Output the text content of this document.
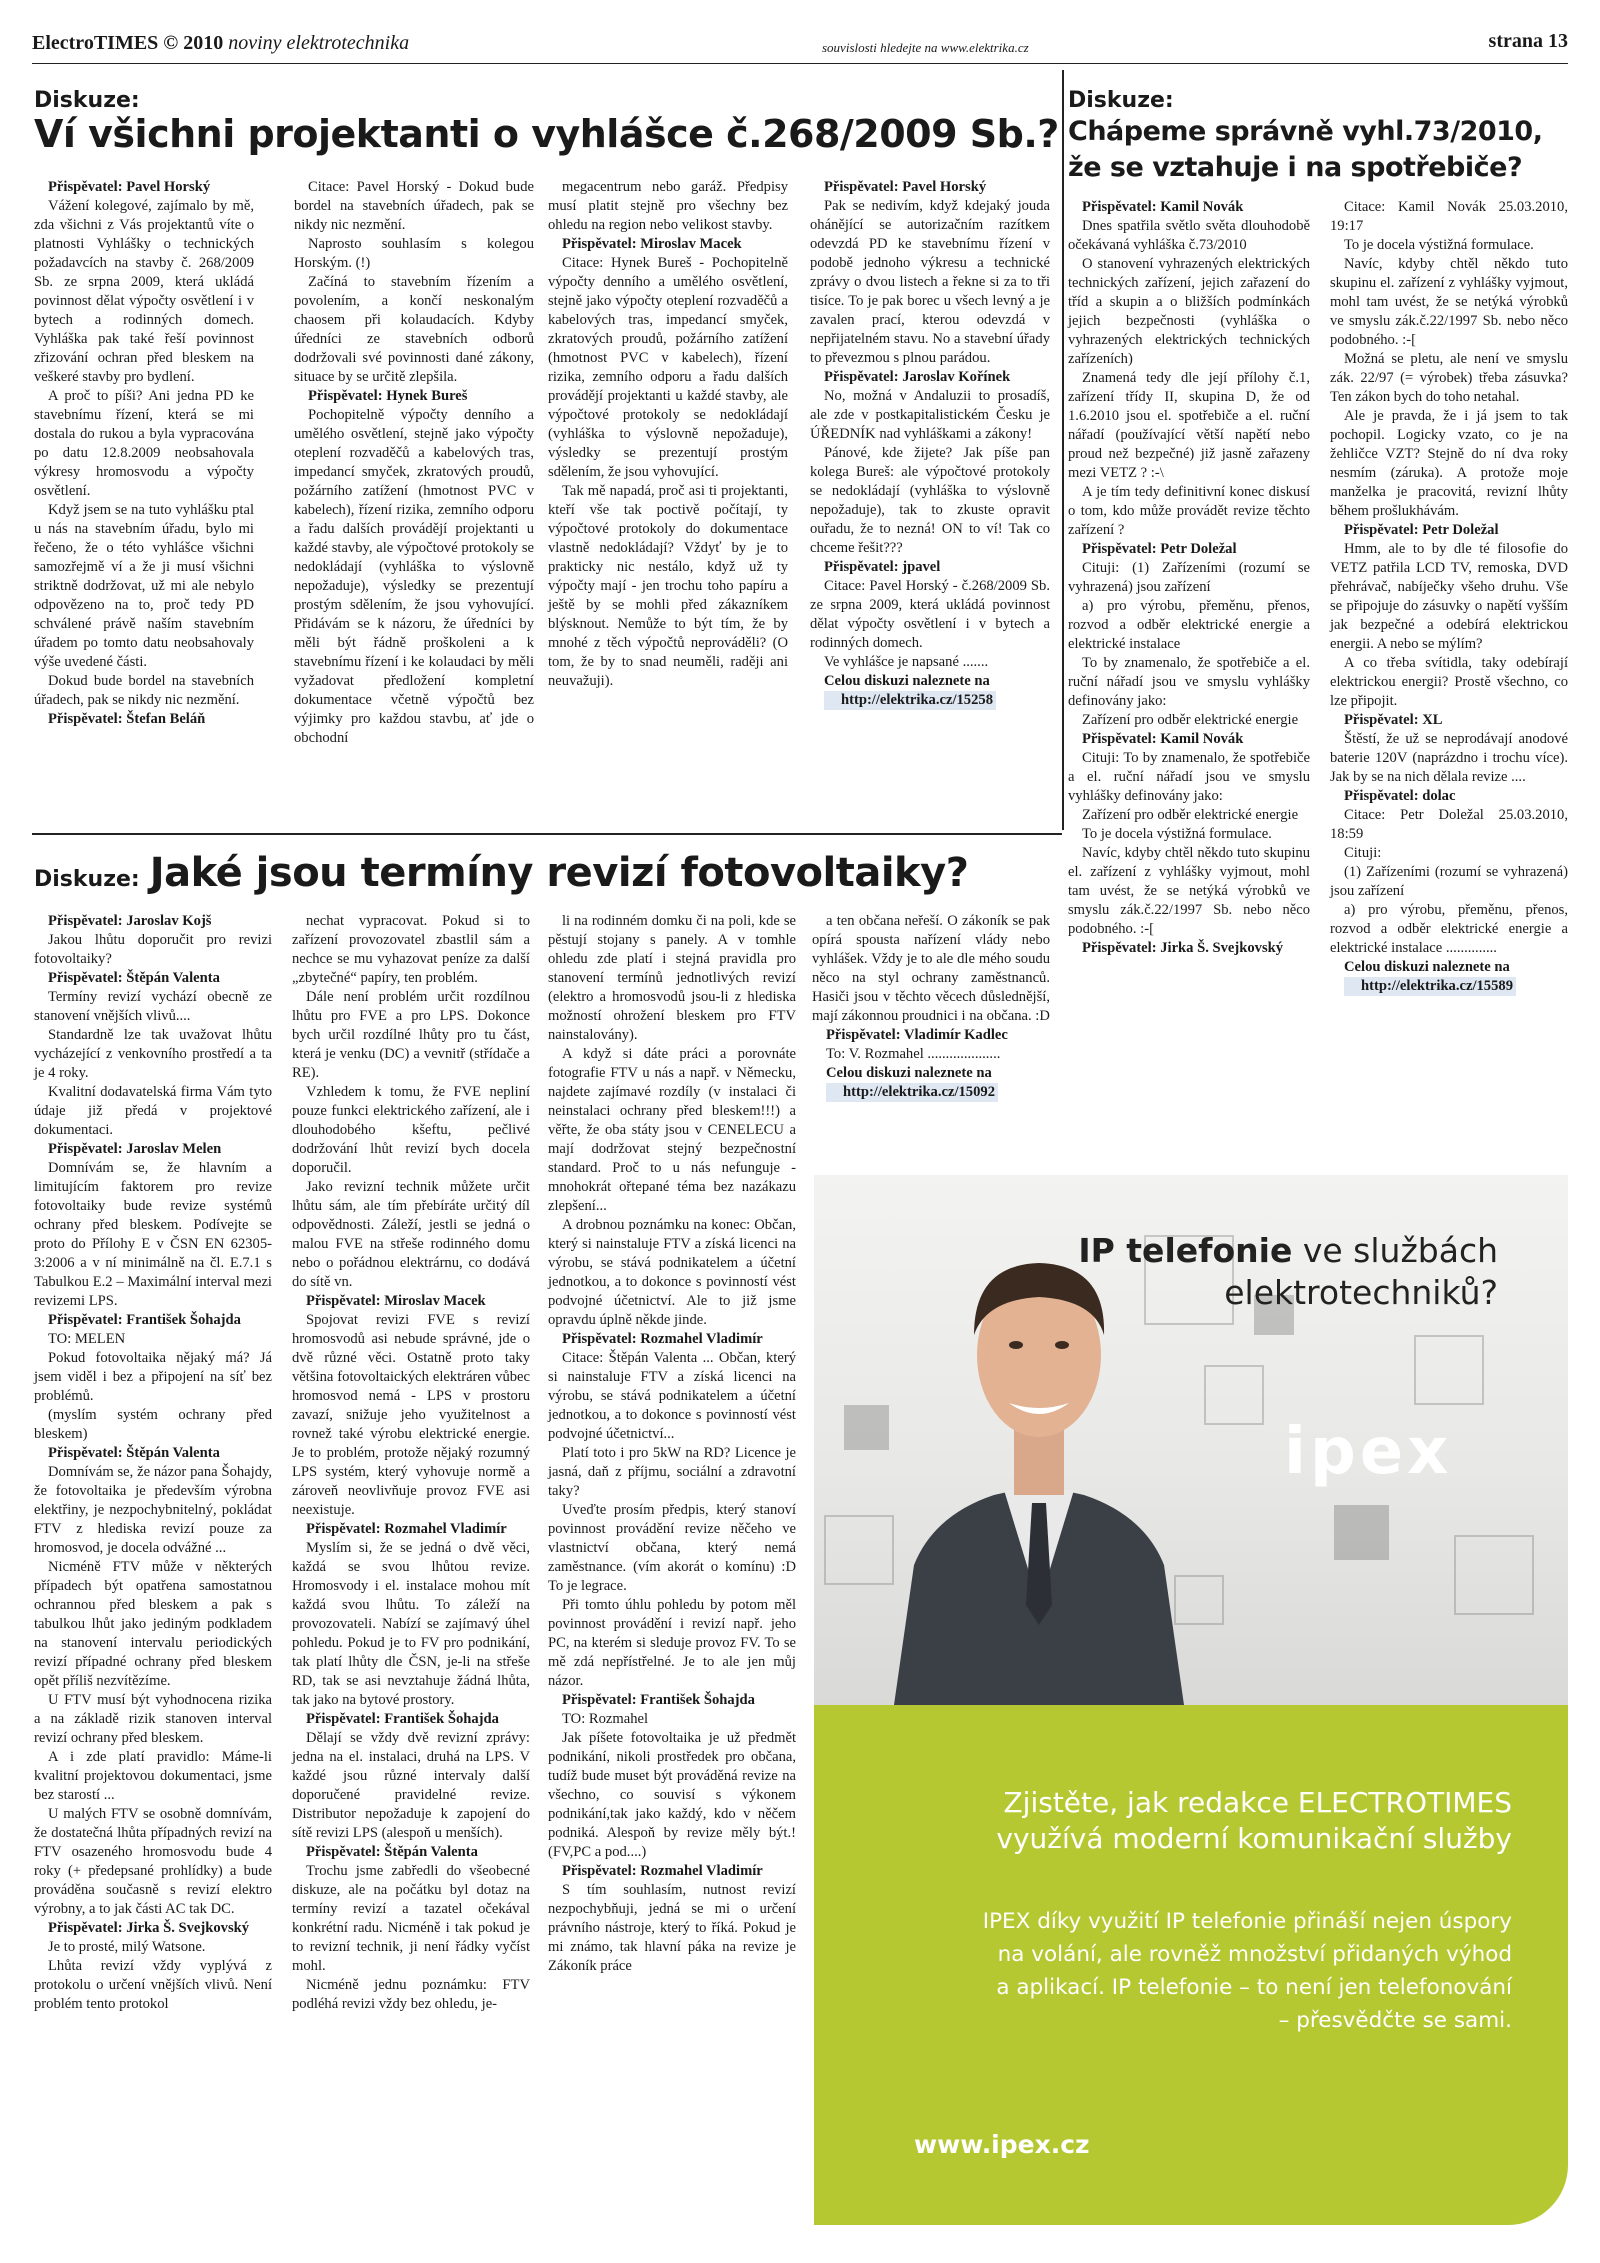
ElectroTIMES © 2010 noviny elektrotechnika	souvislosti hledejte na www.elektrika.cz	strana 13
Diskuze:
Ví všichni projektanti o vyhlášce č.268/2009 Sb.?

Přispěvatel: Pavel Horský

Vážení kolegové, zajímalo by mě, zda všichni z Vás projektantů víte o platnosti Vyhlášky o technických požadavcích na stavby č. 268/2009 Sb. ze srpna 2009, která ukládá povinnost dělat výpočty osvětlení i v bytech a rodinných domech. Vyhláška pak také řeší povinnost zřizování ochran před bleskem na veškeré stavby pro bydlení.

A proč to píši? Ani jedna PD ke stavebnímu řízení, která se mi dostala do rukou a byla vypracována po datu 12.8.2009 neobsahovala výkresy hromosvodu a výpočty osvětlení.

Když jsem se na tuto vyhlášku ptal u nás na stavebním úřadu, bylo mi řečeno, že o této vyhlášce všichni samozřejmě ví a že ji musí všichni striktně dodržovat, už mi ale nebylo odpovězeno na to, proč tedy PD schválené právě naším stavebním úřadem po tomto datu neobsahovaly výše uvedené části.

Dokud bude bordel na stavebních úřadech, pak se nikdy nic nezmění.

Přispěvatel: Štefan Beláň

Citace: Pavel Horský - Dokud bude bordel na stavebních úřadech, pak se nikdy nic nezmění.

Naprosto souhlasím s kolegou Horským. (!)

Začíná to stavebním řízením a povolením, a končí neskonalým chaosem při kolaudacích. Kdyby úředníci ze stavebních odborů dodržovali své povinnosti dané zákony, situace by se určitě zlepšila.

Přispěvatel: Hynek Bureš

Pochopitelně výpočty denního a umělého osvětlení, stejně jako výpočty oteplení rozvaděčů a kabelových tras, impedancí smyček, zkratových proudů, požárního zatížení (hmotnost PVC v kabelech), řízení rizika, zemního odporu a řadu dalších provádějí projektanti u každé stavby, ale výpočtové protokoly se nedokládají (vyhláška to výslovně nepožaduje), výsledky se prezentují prostým sdělením, že jsou vyhovující. Přidávám se k názoru, že úředníci by měli být řádně proškoleni a k stavebnímu řízení i ke kolaudaci by měli vyžadovat předložení kompletní dokumentace včetně výpočtů bez výjimky pro každou stavbu, ať jde o obchodní

megacentrum nebo garáž. Předpisy musí platit stejně pro všechny bez ohledu na region nebo velikost stavby.

Přispěvatel: Miroslav Macek

Citace: Hynek Bureš - Pochopitelně výpočty denního a umělého osvětlení, stejně jako výpočty oteplení rozvaděčů a kabelových tras, impedancí smyček, zkratových proudů, požárního zatížení (hmotnost PVC v kabelech), řízení rizika, zemního odporu a řadu dalších provádějí projektanti u každé stavby, ale výpočtové protokoly se nedokládají (vyhláška to výslovně nepožaduje), výsledky se prezentují prostým sdělením, že jsou vyhovující.

Tak mě napadá, proč asi ti projektanti, kteří vše tak poctivě počítají, ty výpočtové protokoly do dokumentace vlastně nedokládají? Vždyť by je to prakticky nic nestálo, když už ty výpočty mají - jen trochu toho papíru a ještě by se mohli před zákazníkem blýsknout. Nemůže to být tím, že by mnohé z těch výpočtů neprováděli? (O tom, že by to snad neuměli, raději ani neuvažuji).

Přispěvatel: Pavel Horský

Pak se nedivím, když kdejaký jouda ohánějící se autorizačním razítkem odevzdá PD ke stavebnímu řízení v podobě jednoho výkresu a technické zprávy o dvou listech a řekne si za to tři tisíce. To je pak borec u všech levný a je zavalen prací, kterou odevzdá v nepřijatelném stavu. No a stavební úřady to převezmou s plnou parádou.

Přispěvatel: Jaroslav Kořínek

No, možná v Andaluzii to prosadíš, ale zde v postkapitalistickém Česku je ÚŘEDNÍK nad vyhláškami a zákony!

Pánové, kde žijete? Jak píše pan kolega Bureš: ale výpočtové protokoly se nedokládají (vyhláška to výslovně nepožaduje), tak to zkuste opravit ouřadu, že to nezná! ON to ví! Tak co chceme řešit???

Přispěvatel: jpavel

Citace: Pavel Horský - č.268/2009 Sb. ze srpna 2009, která ukládá povinnost dělat výpočty osvětlení i v bytech a rodinných domech.

Ve vyhlášce je napsané .......

Celou diskuzi naleznete na

http://elektrika.cz/15258

Diskuze:
Chápeme správně vyhl.73/2010, že se vztahuje i na spotřebiče?

Přispěvatel: Kamil Novák

Dnes spatřila světlo světa dlouhodobě očekávaná vyhláška č.73/2010

O stanovení vyhrazených elektrických technických zařízení, jejich zařazení do tříd a skupin a o bližších podmínkách jejich bezpečnosti (vyhláška o vyhrazených elektrických technických zařízeních)

Znamená tedy dle její přílohy č.1, zařízení třídy II, skupina D, že od 1.6.2010 jsou el. spotřebiče a el. ruční nářadí (používající větší napětí nebo proud než bezpečné) již jasně zařazeny mezi VETZ ? :-\

A je tím tedy definitivní konec diskusí o tom, kdo může provádět revize těchto zařízení ?

Přispěvatel: Petr Doležal

Cituji: (1) Zařízeními (rozumí se vyhrazená) jsou zařízení

a) pro výrobu, přeměnu, přenos, rozvod a odběr elektrické energie a elektrické instalace

To by znamenalo, že spotřebiče a el. ruční nářadí jsou ve smyslu vyhlášky definovány jako:

Zařízení pro odběr elektrické energie

Přispěvatel: Kamil Novák

Cituji: To by znamenalo, že spotřebiče a el. ruční nářadí jsou ve smyslu vyhlášky definovány jako:

Zařízení pro odběr elektrické energie

To je docela výstižná formulace.

Navíc, kdyby chtěl někdo tuto skupinu el. zařízení z vyhlášky vyjmout, mohl tam uvést, že se netýká výrobků ve smyslu zák.č.22/1997 Sb. nebo něco podobného. :-[

Přispěvatel: Jirka Š. Svejkovský

Citace: Kamil Novák 25.03.2010, 19:17

To je docela výstižná formulace.

Navíc, kdyby chtěl někdo tuto skupinu el. zařízení z vyhlášky vyjmout, mohl tam uvést, že se netýká výrobků ve smyslu zák.č.22/1997 Sb. nebo něco podobného. :-[

Možná se pletu, ale není ve smyslu zák. 22/97 (= výrobek) třeba zásuvka? Ten zákon bych do toho netahal.

Ale je pravda, že i já jsem to tak pochopil. Logicky vzato, co je na žehličce VZT? Stejně do ní dva roky nesmím (záruka). A protože moje manželka je pracovitá, revizní lhůty během prošlukhávám.

Přispěvatel: Petr Doležal

Hmm, ale to by dle té filosofie do VETZ patřila LCD TV, remoska, DVD přehrávač, nabíječky všeho druhu. Vše se připojuje do zásuvky o napětí vyšším jak bezpečné a odebírá elektrickou energii. A nebo se mýlím?

A co třeba svítidla, taky odebírají elektrickou energii? Prostě všechno, co lze připojit.

Přispěvatel: XL

Štěstí, že už se neprodávají anodové baterie 120V (naprázdno i trochu více). Jak by se na nich dělala revize ....

Přispěvatel: dolac

Citace: Petr Doležal 25.03.2010, 18:59

Cituji:

(1) Zařízeními (rozumí se vyhrazená) jsou zařízení

a) pro výrobu, přeměnu, přenos, rozvod a odběr elektrické energie a elektrické instalace ..............

Celou diskuzi naleznete na

http://elektrika.cz/15589

Diskuze: Jaké jsou termíny revizí fotovoltaiky?

Přispěvatel: Jaroslav Kojš

Jakou lhůtu doporučit pro revizi fotovoltaiky?

Přispěvatel: Štěpán Valenta

Termíny revizí vychází obecně ze stanovení vnějších vlivů....

Standardně lze tak uvažovat lhůtu vycházející z venkovního prostředí a ta je 4 roky.

Kvalitní dodavatelská firma Vám tyto údaje již předá v projektové dokumentaci.

Přispěvatel: Jaroslav Melen

Domnívám se, že hlavním a limitujícím faktorem pro revize fotovoltaiky bude revize systémů ochrany před bleskem. Podívejte se proto do Přílohy E v ČSN EN 62305-3:2006 a v ní minimálně na čl. E.7.1 s Tabulkou E.2 – Maximální interval mezi revizemi LPS.

Přispěvatel: František Šohajda

TO: MELEN

Pokud fotovoltaika nějaký má? Já jsem viděl i bez a připojení na síť bez problémů.

(myslím systém ochrany před bleskem)

Přispěvatel: Štěpán Valenta

Domnívám se, že názor pana Šohajdy, že fotovoltaika je především výrobna elektřiny, je nezpochybnitelný, pokládat FTV z hlediska revizí pouze za hromosvod, je docela odvážné ...

Nicméně FTV může v některých případech být opatřena samostatnou ochrannou před bleskem a pak s tabulkou lhůt jako jediným podkladem na stanovení intervalu periodických revizí případné ochrany před bleskem opět příliš nezvítězíme.

U FTV musí být vyhodnocena rizika a na základě rizik stanoven interval revizí ochrany před bleskem.

A i zde platí pravidlo: Máme-li kvalitní projektovou dokumentaci, jsme bez starostí ...

U malých FTV se osobně domnívám, že dostatečná lhůta případných revizí na FTV osazeného hromosvodu bude 4 roky (+ předepsané prohlídky) a bude prováděna současně s revizí elektro výrobny, a to jak části AC tak DC.

Přispěvatel: Jirka Š. Svejkovský

Je to prosté, milý Watsone.

Lhůta revizí vždy vyplývá z protokolu o určení vnějších vlivů. Není problém tento protokol

nechat vypracovat. Pokud si to zařízení provozovatel zbastlil sám a nechce se mu vyhazovat peníze za další „zbytečné“ papíry, ten problém.

Dále není problém určit rozdílnou lhůtu pro FVE a pro LPS. Dokonce bych určil rozdílné lhůty pro tu část, která je venku (DC) a vevnitř (střídače a RE).

Vzhledem k tomu, že FVE nepliní pouze funkci elektrického zařízení, ale i dlouhodobého kšeftu, pečlivé dodržování lhůt revizí bych docela doporučil.

Jako revizní technik můžete určit lhůtu sám, ale tím přebíráte určitý díl odpovědnosti. Záleží, jestli se jedná o malou FVE na střeše rodinného domu nebo o pořádnou elektrárnu, co dodává do sítě vn.

Přispěvatel: Miroslav Macek

Spojovat revizi FVE s revizí hromosvodů asi nebude správné, jde o dvě různé věci. Ostatně proto taky většina fotovoltaických elektráren vůbec hromosvod nemá - LPS v prostoru zavazí, snižuje jeho využitelnost a rovnež také výrobu elektrické energie. Je to problém, protože nějaký rozumný LPS systém, který vyhovuje normě a zároveň neovlivňuje provoz FVE asi neexistuje.

Přispěvatel: Rozmahel Vladimír

Myslím si, že se jedná o dvě věci, každá se svou lhůtou revize. Hromosvody i el. instalace mohou mít každá svou lhůtu. To záleží na provozovateli. Nabízí se zajímavý úhel pohledu. Pokud je to FV pro podnikání, tak platí lhůty dle ČSN, je-li na střeše RD, tak se asi nevztahuje žádná lhůta, tak jako na bytové prostory.

Přispěvatel: František Šohajda

Dělají se vždy dvě revizní zprávy: jedna na el. instalaci, druhá na LPS. V každé jsou různé intervaly další doporučené pravidelné revize. Distributor nepožaduje k zapojení do sítě revizi LPS (alespoň u menších).

Přispěvatel: Štěpán Valenta

Trochu jsme zabředli do všeobecné diskuze, ale na počátku byl dotaz na termíny revizí a tazatel očekával konkrétní radu. Nicméně i tak pokud je to revizní technik, ji není řádky vyčíst mohl.

Nicméně jednu poznámku: FTV podléhá revizi vždy bez ohledu, je-

li na rodinném domku či na poli, kde se pěstují stojany s panely. A v tomhle ohledu zde platí i stejná pravidla pro stanovení termínů jednotlivých revizí (elektro a hromosvodů jsou-li z hlediska možností ohrožení bleskem pro FTV nainstalovány).

A když si dáte práci a porovnáte fotografie FTV u nás a např. v Německu, najdete zajímavé rozdíly (v instalaci či neinstalaci ochrany před bleskem!!!) a věřte, že oba státy jsou v CENELECU a mají dodržovat stejný bezpečnostní standard. Proč to u nás nefunguje - mnohokrát ořtepané téma bez nazákazu zlepšení...

A drobnou poznámku na konec: Občan, který si nainstaluje FTV a získá licenci na výrobu, se stává podnikatelem a účetní jednotkou, a to dokonce s povinností vést podvojné účetnictví. Ale to již jsme opravdu úplně někde jinde.

Přispěvatel: Rozmahel Vladimír

Citace: Štěpán Valenta ... Občan, který si nainstaluje FTV a získá licenci na výrobu, se stává podnikatelem a účetní jednotkou, a to dokonce s povinností vést podvojné účetnictví...

Platí toto i pro 5kW na RD? Licence je jasná, daň z příjmu, sociální a zdravotní taky?

Uveďte prosím předpis, který stanoví povinnost provádění revize něčeho ve vlastnictví občana, který nemá zaměstnance. (vím akorát o komínu) :D To je legrace.

Při tomto úhlu pohledu by potom měl povinnost provádění i revizí např. jeho PC, na kterém si sleduje provoz FV. To se mě zdá nepřístřelné. Je to ale jen můj názor.

Přispěvatel: František Šohajda

TO: Rozmahel

Jak píšete fotovoltaika je už předmět podnikání, nikoli prostředek pro občana, tudíž bude muset být prováděná revize na všechno, co souvisí s výkonem podnikání,tak jako každý, kdo v něčem podniká. Alespoň by revize měly být.! (FV,PC a pod....)

Přispěvatel: Rozmahel Vladimír

S tím souhlasím, nutnost revizí nezpochybňuji, jedná se mi o určení právního nástroje, který to říká. Pokud je mi známo, tak hlavní páka na revize je Zákoník práce

a ten občana neřeší. O zákoník se pak opírá spousta nařízení vlády nebo vyhlášek. Vždy je to ale dle mého soudu něco na styl ochrany zaměstnanců. Hasiči jsou v těchto věcech důslednější, mají zákonnou proudnici i na občana. :D

Přispěvatel: Vladimír Kadlec

To: V. Rozmahel ....................

Celou diskuzi naleznete na

http://elektrika.cz/15092

IP telefonie ve službách
elektrotechniků?
ipex
Zjistěte, jak redakce ELECTROTIMES
využívá moderní komunikační služby
IPEX díky využití IP telefonie přináší nejen úspory
na volání, ale rovněž množství přidaných výhod
a aplikací. IP telefonie – to není jen telefonování
– přesvědčte se sami.
www.ipex.cz
